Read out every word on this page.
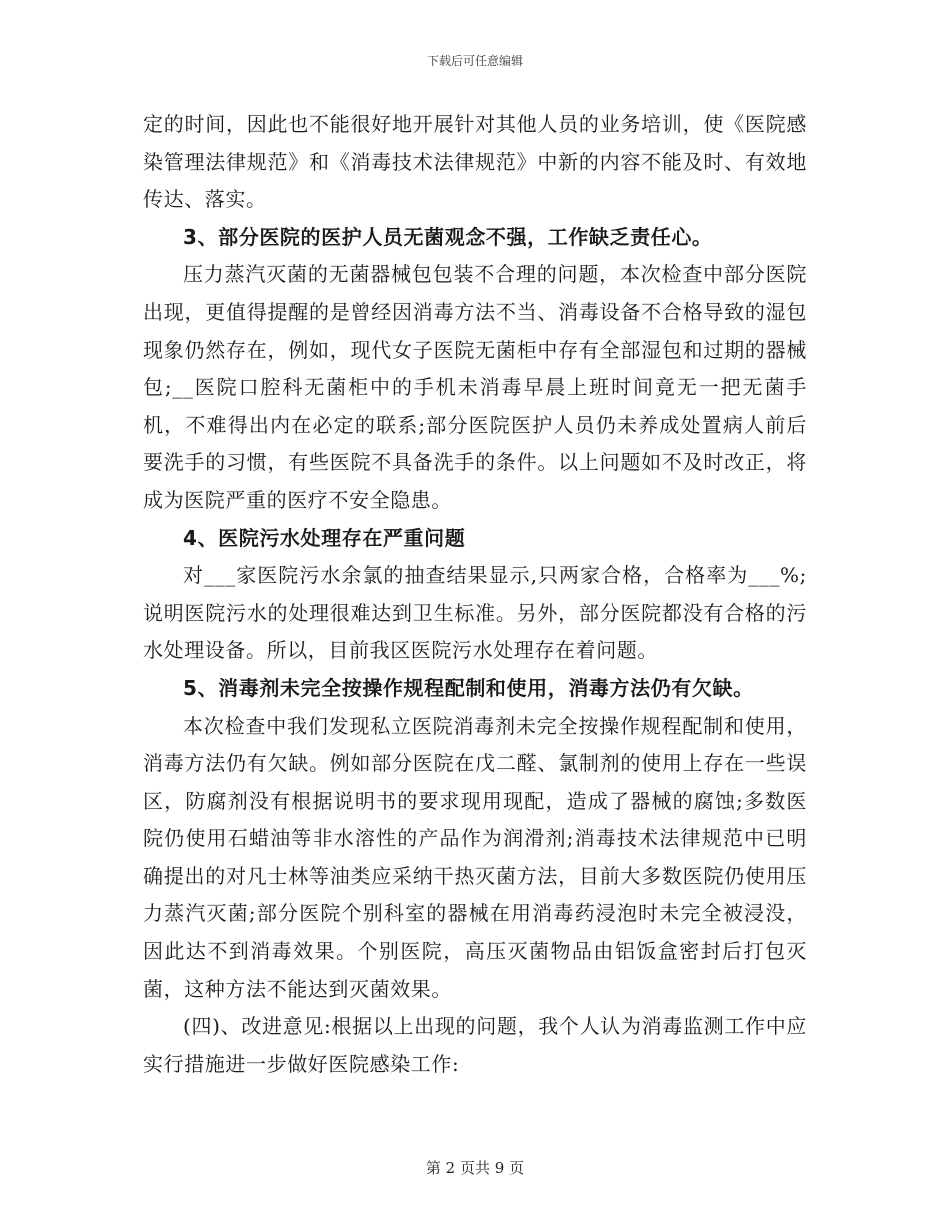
下载后可任意编辑

定的时间，因此也不能很好地开展针对其他人员的业务培训，使《医院感染管理法律规范》和《消毒技术法律规范》中新的内容不能及时、有效地传达、落实。

3、部分医院的医护人员无菌观念不强，工作缺乏责任心。

压力蒸汽灭菌的无菌器械包包装不合理的问题，本次检查中部分医院出现，更值得提醒的是曾经因消毒方法不当、消毒设备不合格导致的湿包现象仍然存在，例如，现代女子医院无菌柜中存有全部湿包和过期的器械包;__医院口腔科无菌柜中的手机未消毒早晨上班时间竟无一把无菌手机，不难得出内在必定的联系;部分医院医护人员仍未养成处置病人前后要洗手的习惯，有些医院不具备洗手的条件。以上问题如不及时改正，将成为医院严重的医疗不安全隐患。

4、医院污水处理存在严重问题

对___家医院污水余氯的抽查结果显示,只两家合格，合格率为___%;说明医院污水的处理很难达到卫生标准。另外，部分医院都没有合格的污水处理设备。所以，目前我区医院污水处理存在着问题。

5、消毒剂未完全按操作规程配制和使用，消毒方法仍有欠缺。

本次检查中我们发现私立医院消毒剂未完全按操作规程配制和使用，消毒方法仍有欠缺。例如部分医院在戊二醛、氯制剂的使用上存在一些误区，防腐剂没有根据说明书的要求现用现配，造成了器械的腐蚀;多数医院仍使用石蜡油等非水溶性的产品作为润滑剂;消毒技术法律规范中已明确提出的对凡士林等油类应采纳干热灭菌方法，目前大多数医院仍使用压力蒸汽灭菌;部分医院个别科室的器械在用消毒药浸泡时未完全被浸没，因此达不到消毒效果。个别医院，高压灭菌物品由铝饭盒密封后打包灭菌，这种方法不能达到灭菌效果。

(四)、改进意见:根据以上出现的问题，我个人认为消毒监测工作中应实行措施进一步做好医院感染工作:

第 2 页共 9 页
